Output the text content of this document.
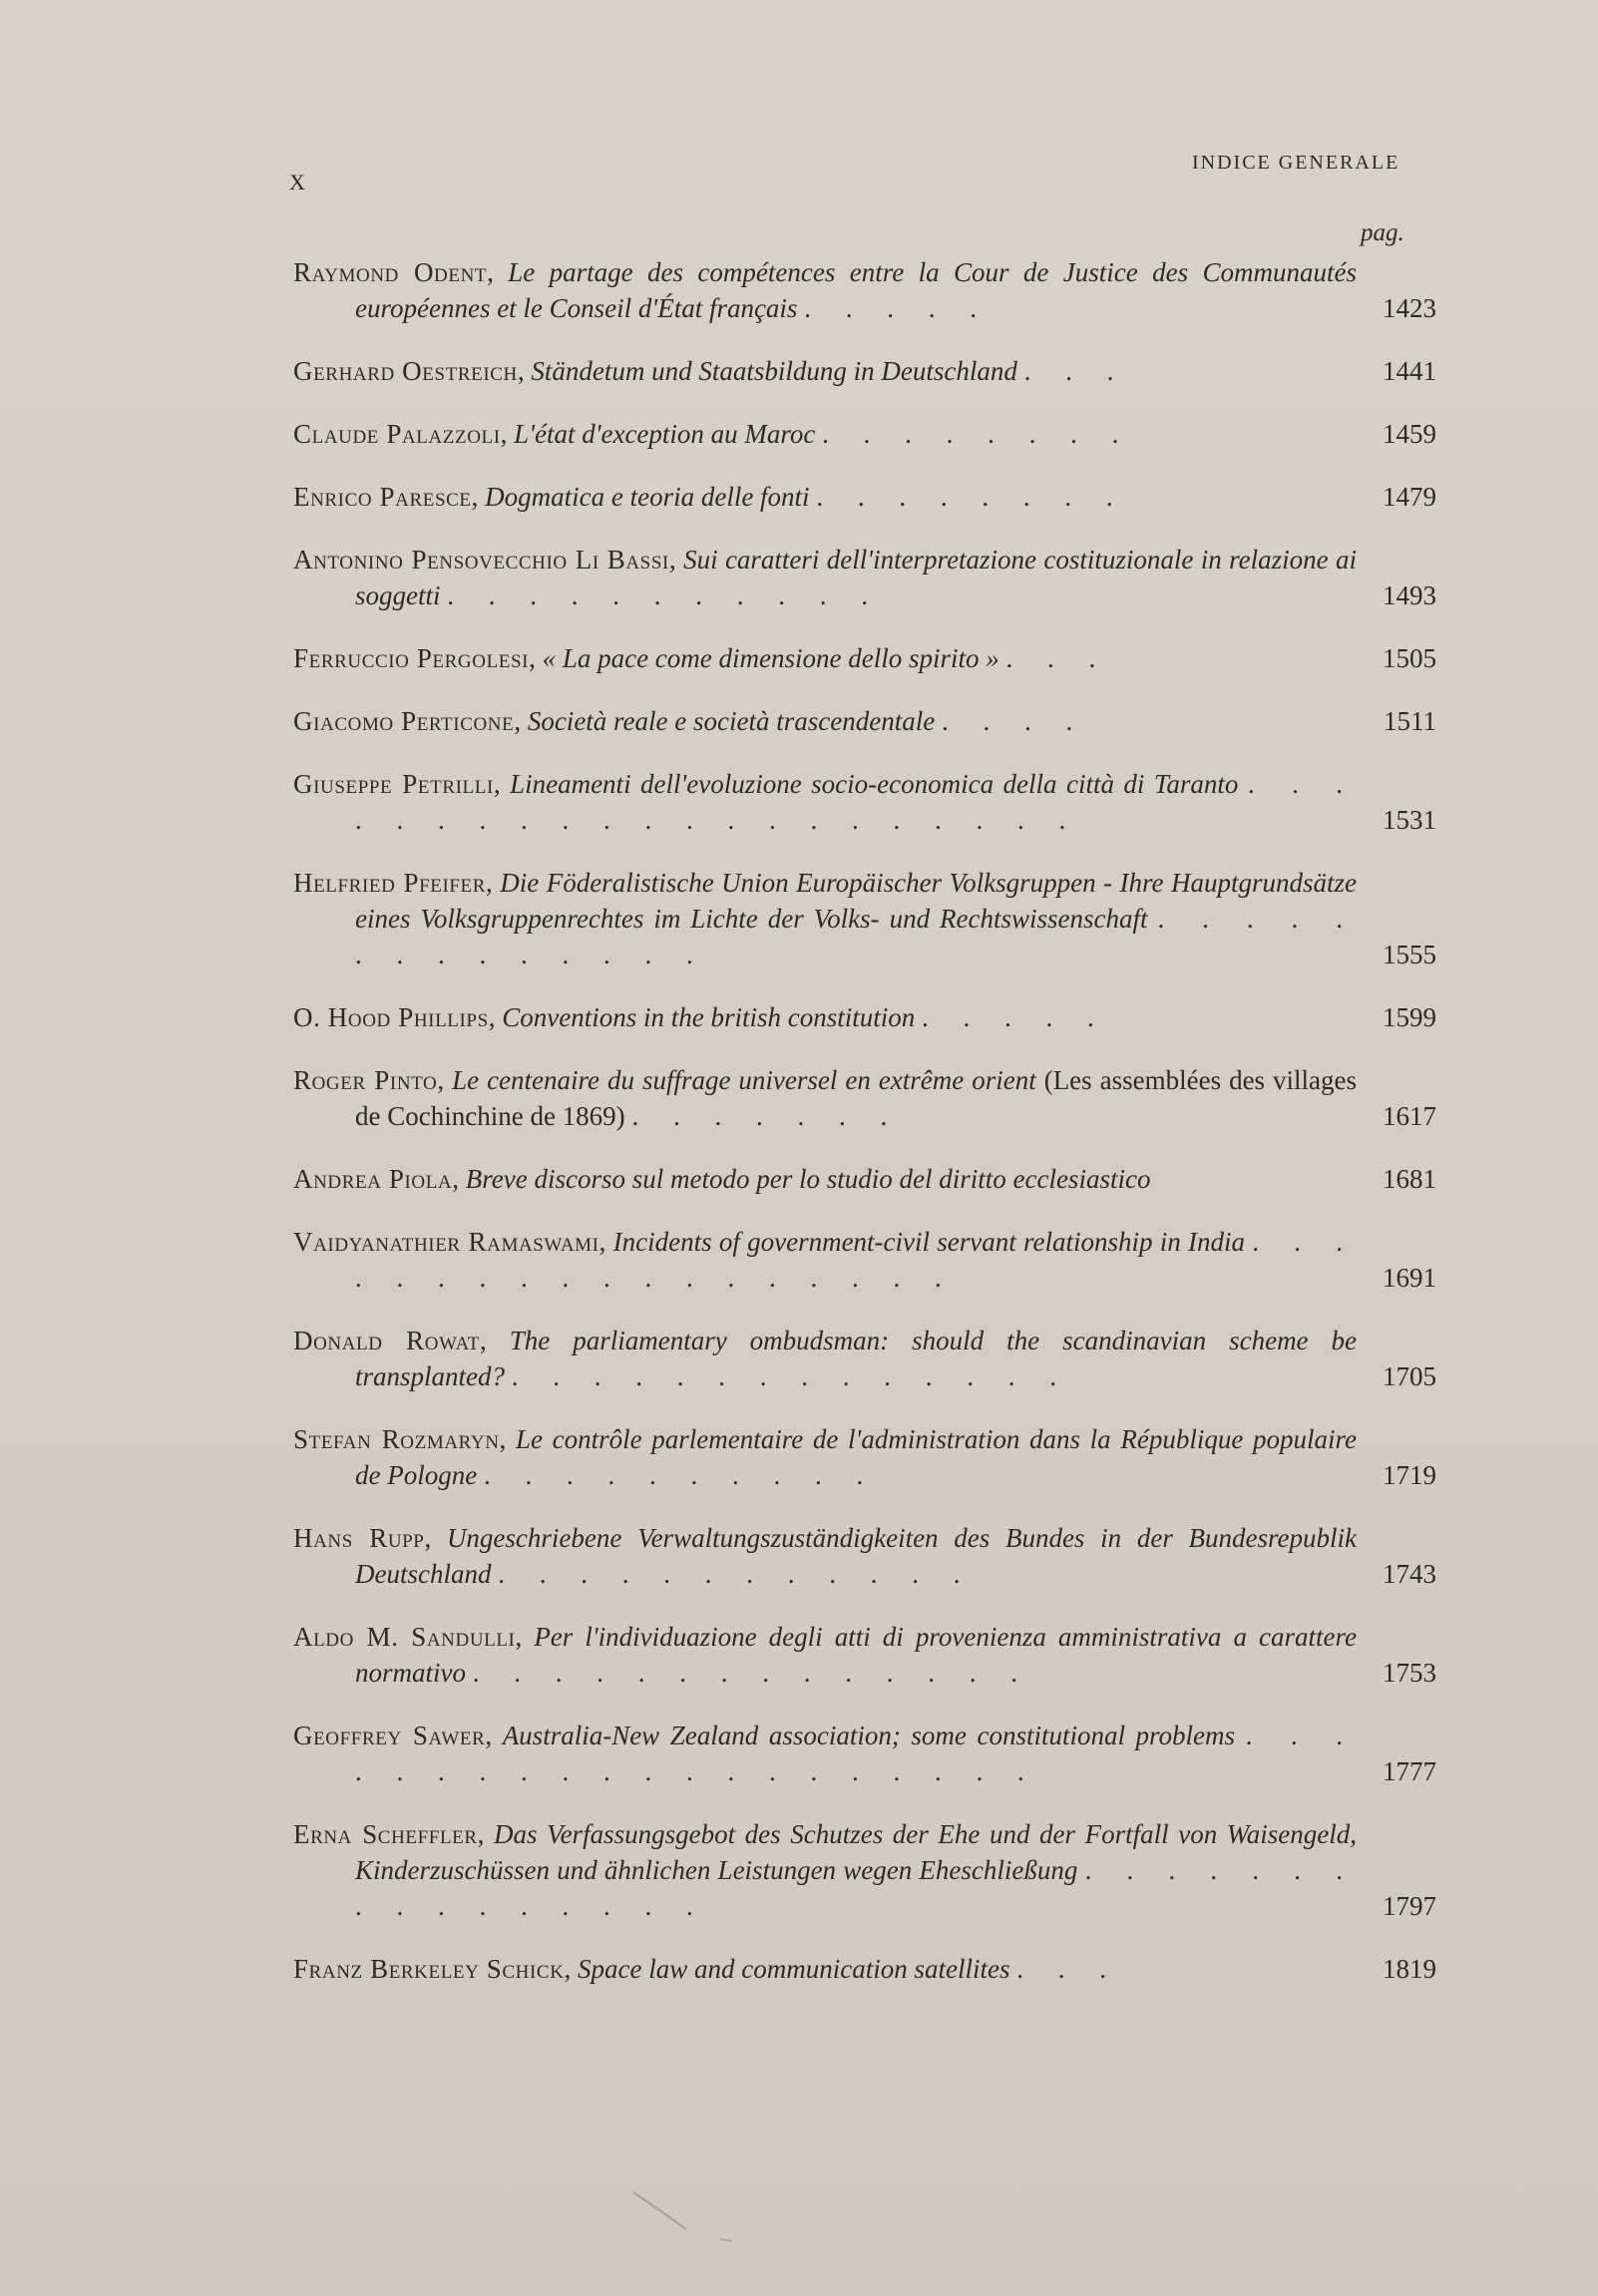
X
INDICE GENERALE
pag.
Raymond Odent, Le partage des compétences entre la Cour de Justice des Communautés européennes et le Conseil d'État français . . . . .	1423
Gerhard Oestreich, Ständetum und Staatsbildung in Deutschland . . .	1441
Claude Palazzoli, L'état d'exception au Maroc . . . . . . . .	1459
Enrico Paresce, Dogmatica e teoria delle fonti . . . . . . . .	1479
Antonino Pensovecchio Li Bassi, Sui caratteri dell'interpretazione costituzionale in relazione ai soggetti . . . . . . . . . . .	1493
Ferruccio Pergolesi, « La pace come dimensione dello spirito » . . .	1505
Giacomo Perticone, Società reale e società trascendentale . . . .	1511
Giuseppe Petrilli, Lineamenti dell'evoluzione socio-economica della città di Taranto . . . . . . . . . . . . . . . . . . . . .	1531
Helfried Pfeifer, Die Föderalistische Union Europäischer Volksgruppen - Ihre Hauptgrundsätze eines Volksgruppenrechtes im Lichte der Volks- und Rechtswissenschaft . . . . . . . . . . . . . .	1555
O. Hood Phillips, Conventions in the british constitution . . . . .	1599
Roger Pinto, Le centenaire du suffrage universel en extrême orient (Les assemblées des villages de Cochinchine de 1869) . . . . . . .	1617
Andrea Piola, Breve discorso sul metodo per lo studio del diritto ecclesiastico	1681
Vaidyanathier Ramaswami, Incidents of government-civil servant relationship in India . . . . . . . . . . . . . . . . . .	1691
Donald Rowat, The parliamentary ombudsman: should the scandinavian scheme be transplanted? . . . . . . . . . . . . . .	1705
Stefan Rozmaryn, Le contrôle parlementaire de l'administration dans la République populaire de Pologne . . . . . . . . . .	1719
Hans Rupp, Ungeschriebene Verwaltungszuständigkeiten des Bundes in der Bundesrepublik Deutschland . . . . . . . . . . . .	1743
Aldo M. Sandulli, Per l'individuazione degli atti di provenienza amministrativa a carattere normativo . . . . . . . . . . . . . .	1753
Geoffrey Sawer, Australia-New Zealand association; some constitutional problems . . . . . . . . . . . . . . . . . . . .	1777
Erna Scheffler, Das Verfassungsgebot des Schutzes der Ehe und der Fortfall von Waisengeld, Kinderzuschüssen und ähnlichen Leistungen wegen Eheschließung . . . . . . . . . . . . . . . .	1797
Franz Berkeley Schick, Space law and communication satellites . . .	1819
